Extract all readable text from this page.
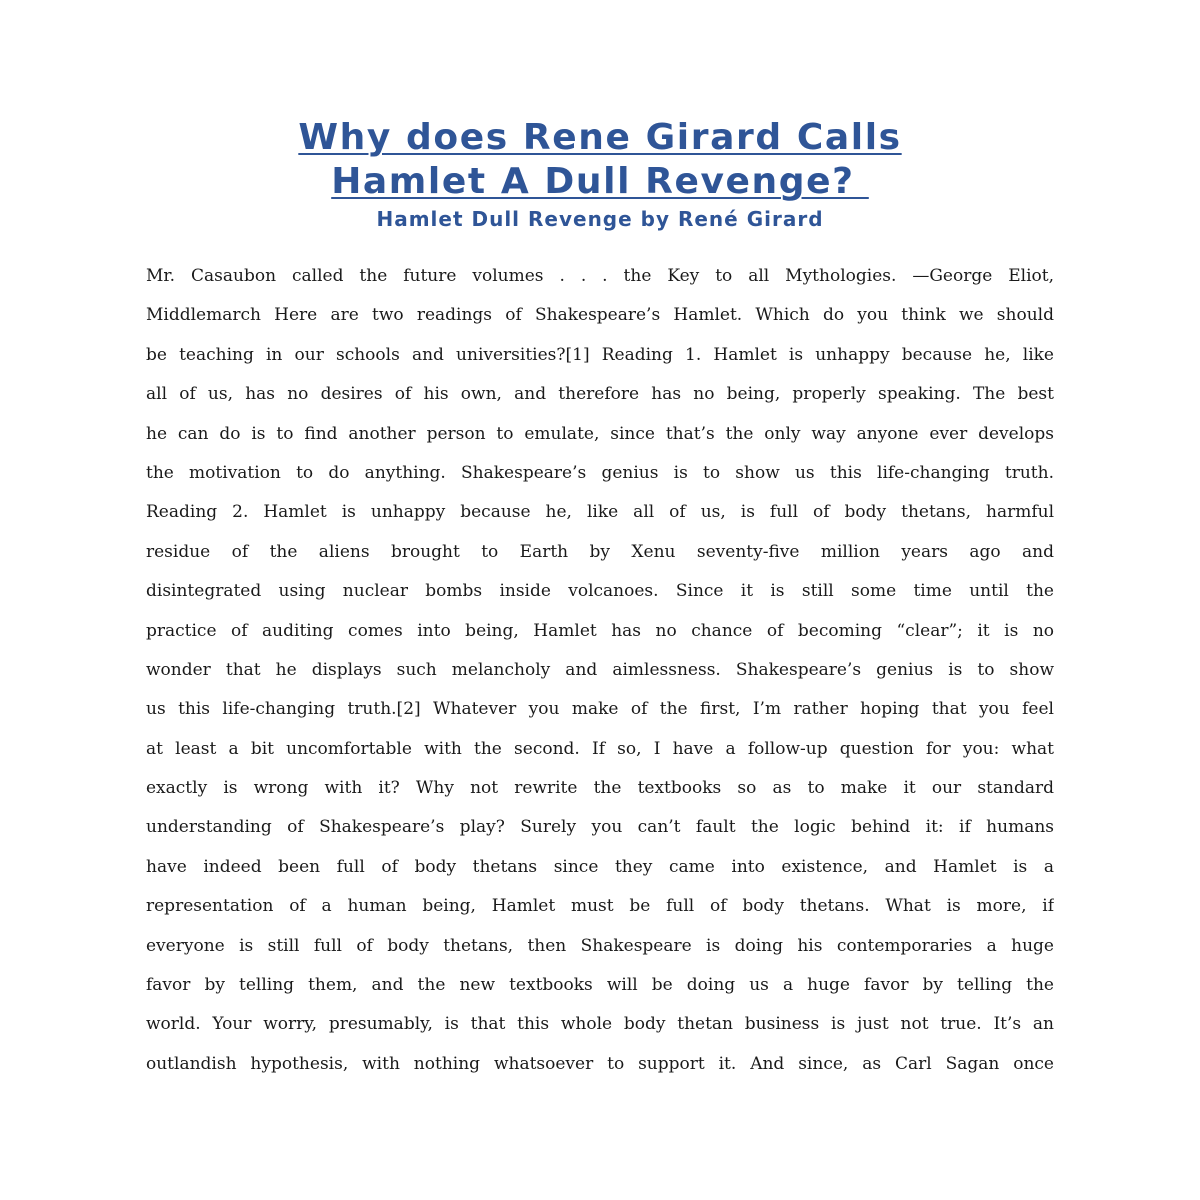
Why does Rene Girard Calls
Hamlet A Dull Revenge?
Hamlet Dull Revenge by René Girard
Mr. Casaubon called the future volumes . . . the Key to all Mythologies. —George Eliot,
Middlemarch Here are two readings of Shakespeare’s Hamlet. Which do you think we should
be teaching in our schools and universities?[1] Reading 1. Hamlet is unhappy because he, like
all of us, has no desires of his own, and therefore has no being, properly speaking. The best
he can do is to find another person to emulate, since that’s the only way anyone ever develops
the motivation to do anything. Shakespeare’s genius is to show us this life-changing truth.
Reading 2. Hamlet is unhappy because he, like all of us, is full of body thetans, harmful
residue of the aliens brought to Earth by Xenu seventy-five million years ago and
disintegrated using nuclear bombs inside volcanoes. Since it is still some time until the
practice of auditing comes into being, Hamlet has no chance of becoming “clear”; it is no
wonder that he displays such melancholy and aimlessness. Shakespeare’s genius is to show
us this life-changing truth.[2] Whatever you make of the first, I’m rather hoping that you feel
at least a bit uncomfortable with the second. If so, I have a follow-up question for you: what
exactly is wrong with it? Why not rewrite the textbooks so as to make it our standard
understanding of Shakespeare’s play? Surely you can’t fault the logic behind it: if humans
have indeed been full of body thetans since they came into existence, and Hamlet is a
representation of a human being, Hamlet must be full of body thetans. What is more, if
everyone is still full of body thetans, then Shakespeare is doing his contemporaries a huge
favor by telling them, and the new textbooks will be doing us a huge favor by telling the
world. Your worry, presumably, is that this whole body thetan business is just not true. It’s an
outlandish hypothesis, with nothing whatsoever to support it. And since, as Carl Sagan once
